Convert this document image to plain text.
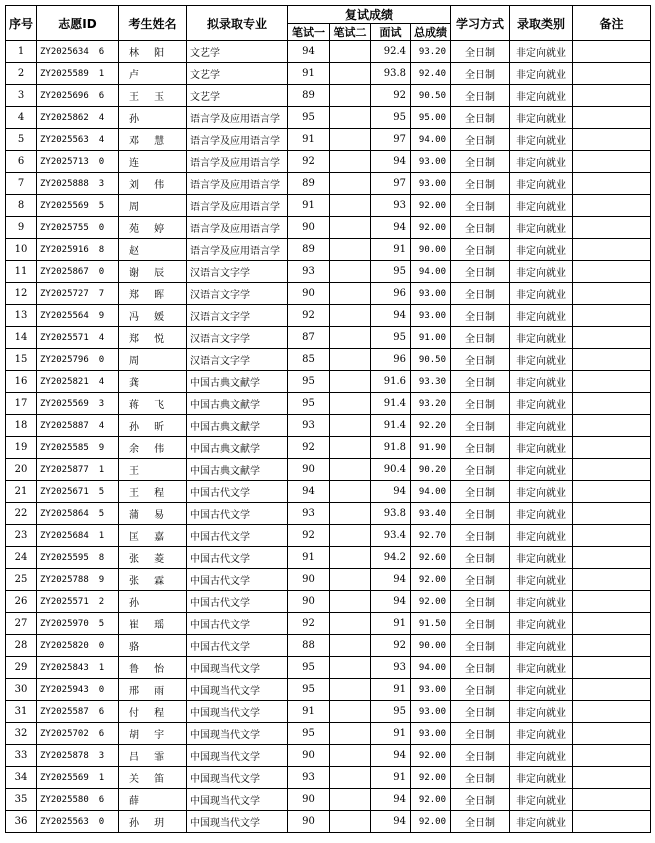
序号	志愿ID	考生姓名	拟录取专业	复试成绩				学习方式	录取类别	备注
				笔试一	笔试二	面试	总成绩			
1	ZY2025634 6	林 阳	文艺学	94		92.4	93.20	全日制	非定向就业	
2	ZY2025589 1	卢	文艺学	91		93.8	92.40	全日制	非定向就业	
3	ZY2025696 6	王 玉	文艺学	89		92	90.50	全日制	非定向就业	
4	ZY2025862 4	孙	语言学及应用语言学	95		95	95.00	全日制	非定向就业	
5	ZY2025563 4	邓 慧	语言学及应用语言学	91		97	94.00	全日制	非定向就业	
6	ZY2025713 0	连	语言学及应用语言学	92		94	93.00	全日制	非定向就业	
7	ZY2025888 3	刘 伟	语言学及应用语言学	89		97	93.00	全日制	非定向就业	
8	ZY2025569 5	周	语言学及应用语言学	91		93	92.00	全日制	非定向就业	
9	ZY2025755 0	苑 婷	语言学及应用语言学	90		94	92.00	全日制	非定向就业	
10	ZY2025916 8	赵	语言学及应用语言学	89		91	90.00	全日制	非定向就业	
11	ZY2025867 0	谢 辰	汉语言文字学	93		95	94.00	全日制	非定向就业	
12	ZY2025727 7	郑 晖	汉语言文字学	90		96	93.00	全日制	非定向就业	
13	ZY2025564 9	冯 媛	汉语言文字学	92		94	93.00	全日制	非定向就业	
14	ZY2025571 4	郑 悦	汉语言文字学	87		95	91.00	全日制	非定向就业	
15	ZY2025796 0	周	汉语言文字学	85		96	90.50	全日制	非定向就业	
16	ZY2025821 4	龚	中国古典文献学	95		91.6	93.30	全日制	非定向就业	
17	ZY2025569 3	蒋 飞	中国古典文献学	95		91.4	93.20	全日制	非定向就业	
18	ZY2025887 4	孙 昕	中国古典文献学	93		91.4	92.20	全日制	非定向就业	
19	ZY2025585 9	余 伟	中国古典文献学	92		91.8	91.90	全日制	非定向就业	
20	ZY2025877 1	王	中国古典文献学	90		90.4	90.20	全日制	非定向就业	
21	ZY2025671 5	王 程	中国古代文学	94		94	94.00	全日制	非定向就业	
22	ZY2025864 5	蒲 易	中国古代文学	93		93.8	93.40	全日制	非定向就业	
23	ZY2025684 1	匡 嘉	中国古代文学	92		93.4	92.70	全日制	非定向就业	
24	ZY2025595 8	张 菱	中国古代文学	91		94.2	92.60	全日制	非定向就业	
25	ZY2025788 9	张 霖	中国古代文学	90		94	92.00	全日制	非定向就业	
26	ZY2025571 2	孙	中国古代文学	90		94	92.00	全日制	非定向就业	
27	ZY2025970 5	崔 瑶	中国古代文学	92		91	91.50	全日制	非定向就业	
28	ZY2025820 0	骆	中国古代文学	88		92	90.00	全日制	非定向就业	
29	ZY2025843 1	鲁 怡	中国现当代文学	95		93	94.00	全日制	非定向就业	
30	ZY2025943 0	邢 雨	中国现当代文学	95		91	93.00	全日制	非定向就业	
31	ZY2025587 6	付 程	中国现当代文学	91		95	93.00	全日制	非定向就业	
32	ZY2025702 6	胡 宇	中国现当代文学	95		91	93.00	全日制	非定向就业	
33	ZY2025878 3	吕 霏	中国现当代文学	90		94	92.00	全日制	非定向就业	
34	ZY2025569 1	关 笛	中国现当代文学	93		91	92.00	全日制	非定向就业	
35	ZY2025580 6	薛	中国现当代文学	90		94	92.00	全日制	非定向就业	
36	ZY2025563 0	孙 玥	中国现当代文学	90		94	92.00	全日制	非定向就业	
